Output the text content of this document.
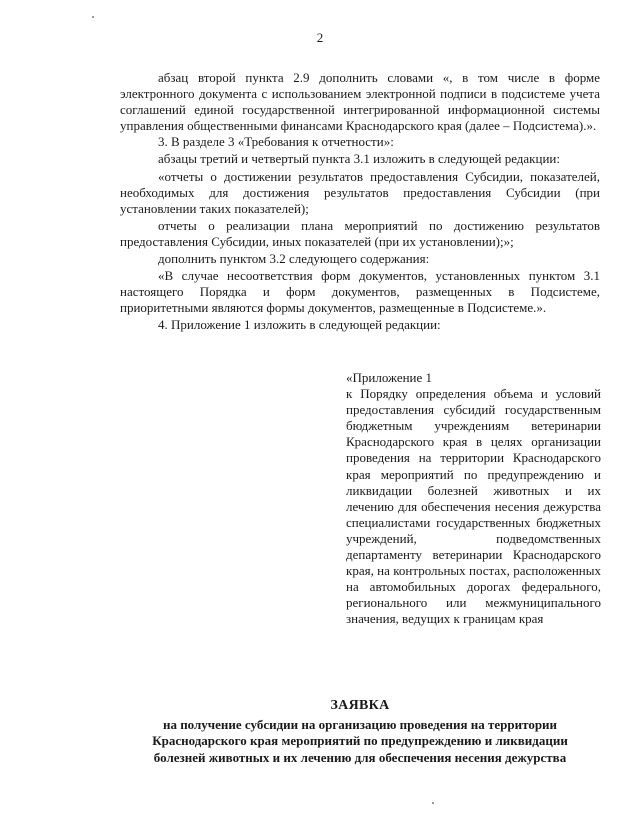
2

абзац второй пункта 2.9 дополнить словами «, в том числе в форме электронного документа с использованием электронной подписи в подсистеме учета соглашений единой государственной интегрированной информационной системы управления общественными финансами Краснодарского края (далее – Подсистема).».

3. В разделе 3 «Требования к отчетности»:

абзацы третий и четвертый пункта 3.1 изложить в следующей редакции:

«отчеты о достижении результатов предоставления Субсидии, показателей, необходимых для достижения результатов предоставления Субсидии (при установлении таких показателей);

отчеты о реализации плана мероприятий по достижению результатов предоставления Субсидии, иных показателей (при их установлении);»;

дополнить пунктом 3.2 следующего содержания:

«В случае несоответствия форм документов, установленных пунктом 3.1 настоящего Порядка и форм документов, размещенных в Подсистеме, приоритетными являются формы документов, размещенные в Подсистеме.».

4. Приложение 1 изложить в следующей редакции:

«Приложение 1

к Порядку определения объема и условий предоставления субсидий государственным бюджетным учреждениям ветеринарии Краснодарского края в целях организации проведения на территории Краснодарского края мероприятий по предупреждению и ликвидации болезней животных и их лечению для обеспечения несения дежурства специалистами государственных бюджетных учреждений, подведомственных департаменту ветеринарии Краснодарского края, на контрольных постах, расположенных на автомобильных дорогах федерального, регионального или межмуниципального значения, ведущих к границам края

ЗАЯВКА
на получение субсидии на организацию проведения на территории
Краснодарского края мероприятий по предупреждению и ликвидации
болезней животных и их лечению для обеспечения несения дежурства
